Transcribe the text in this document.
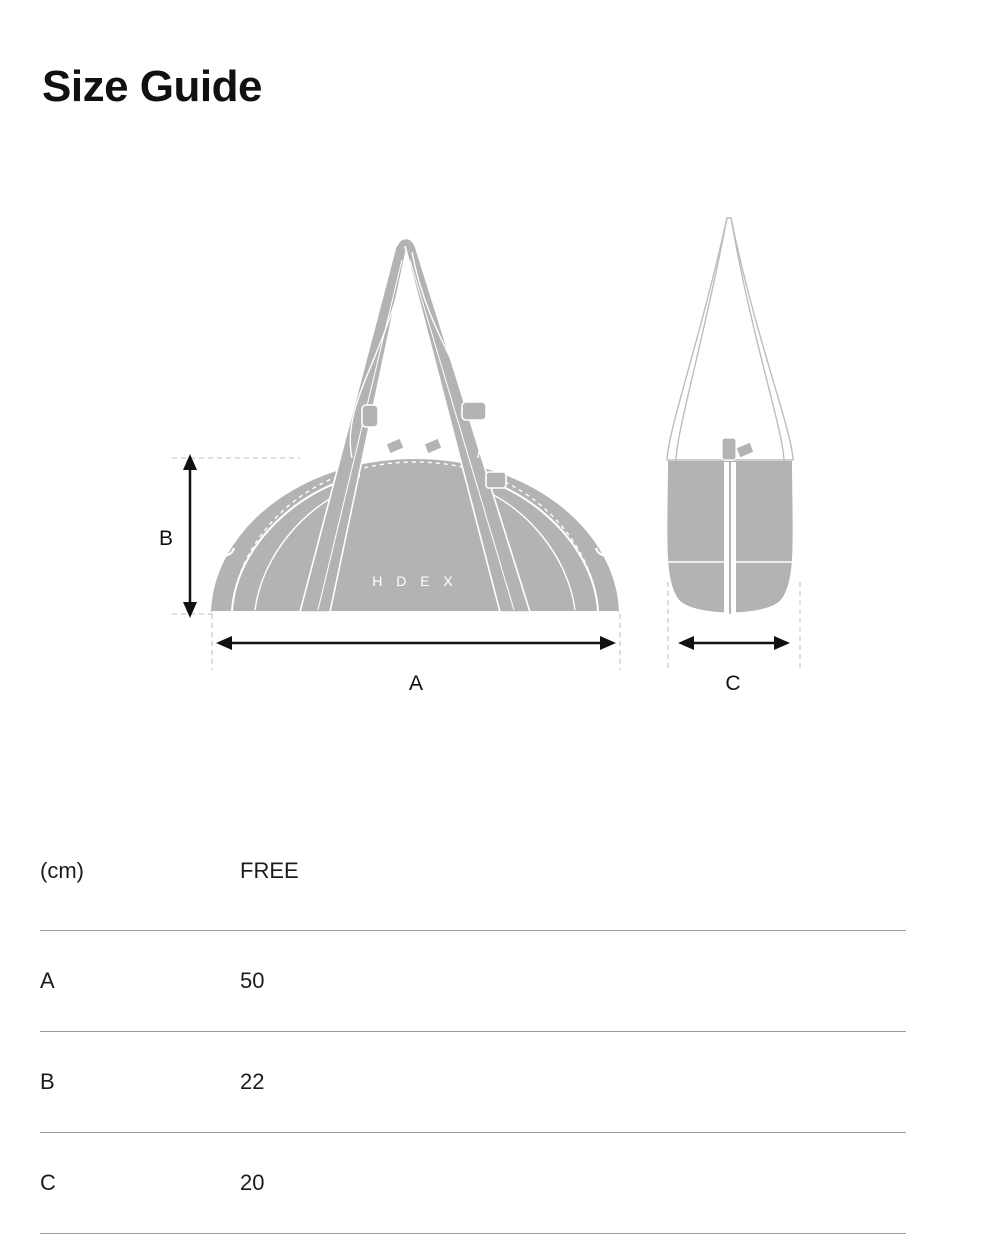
Size Guide
H D E X
B
A	C
(cm)	FREE	
A	50	
B	22	
C	20	
